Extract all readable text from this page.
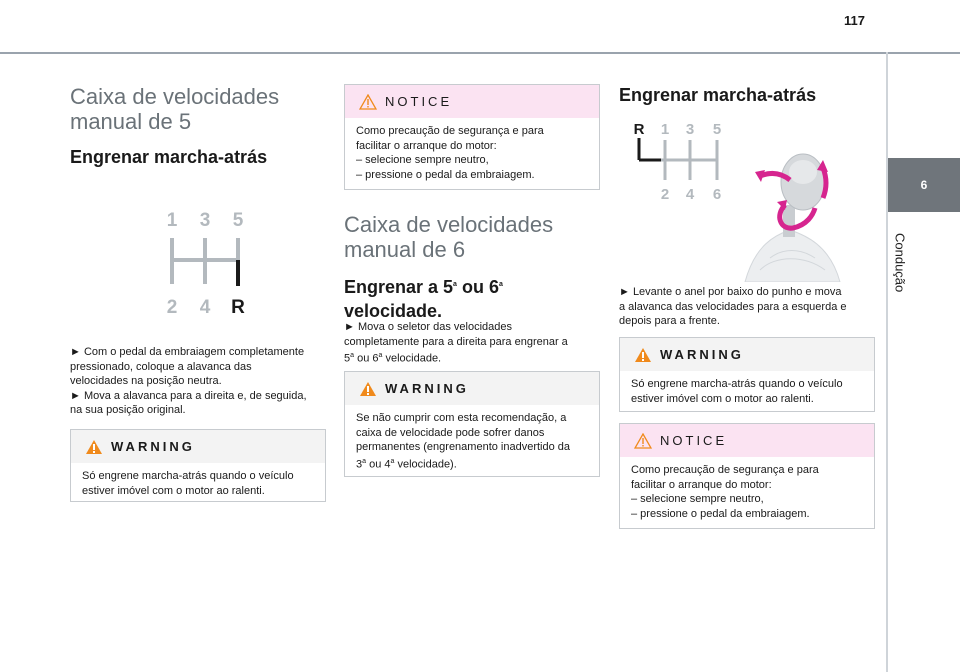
117
6
Condução
Caixa de velocidades
manual de 5
Engrenar marcha-atrás
1 3 5
2 4 R
► Com o pedal da embraiagem completamente
pressionado, coloque a alavanca das
velocidades na posição neutra.
► Mova a alavanca para a direita e, de seguida,
na sua posição original.
WARNING
Só engrene marcha-atrás quando o veículo
estiver imóvel com o motor ao ralenti.
NOTICE
Como precaução de segurança e para
facilitar o arranque do motor:
– selecione sempre neutro,
– pressione o pedal da embraiagem.
Caixa de velocidades
manual de 6
Engrenar a 5$^a$ ou 6$^a$
velocidade.
► Mova o seletor das velocidades
completamente para a direita para engrenar a
5$^a$ ou 6$^a$ velocidade.
WARNING
Se não cumprir com esta recomendação, a
caixa de velocidade pode sofrer danos
permanentes (engrenamento inadvertido da
3$^a$ ou 4$^a$ velocidade).
Engrenar marcha-atrás
R 1 3 5
2 4 6
► Levante o anel por baixo do punho e mova
a alavanca das velocidades para a esquerda e
depois para a frente.
WARNING
Só engrene marcha-atrás quando o veículo
estiver imóvel com o motor ao ralenti.
NOTICE
Como precaução de segurança e para
facilitar o arranque do motor:
– selecione sempre neutro,
– pressione o pedal da embraiagem.
